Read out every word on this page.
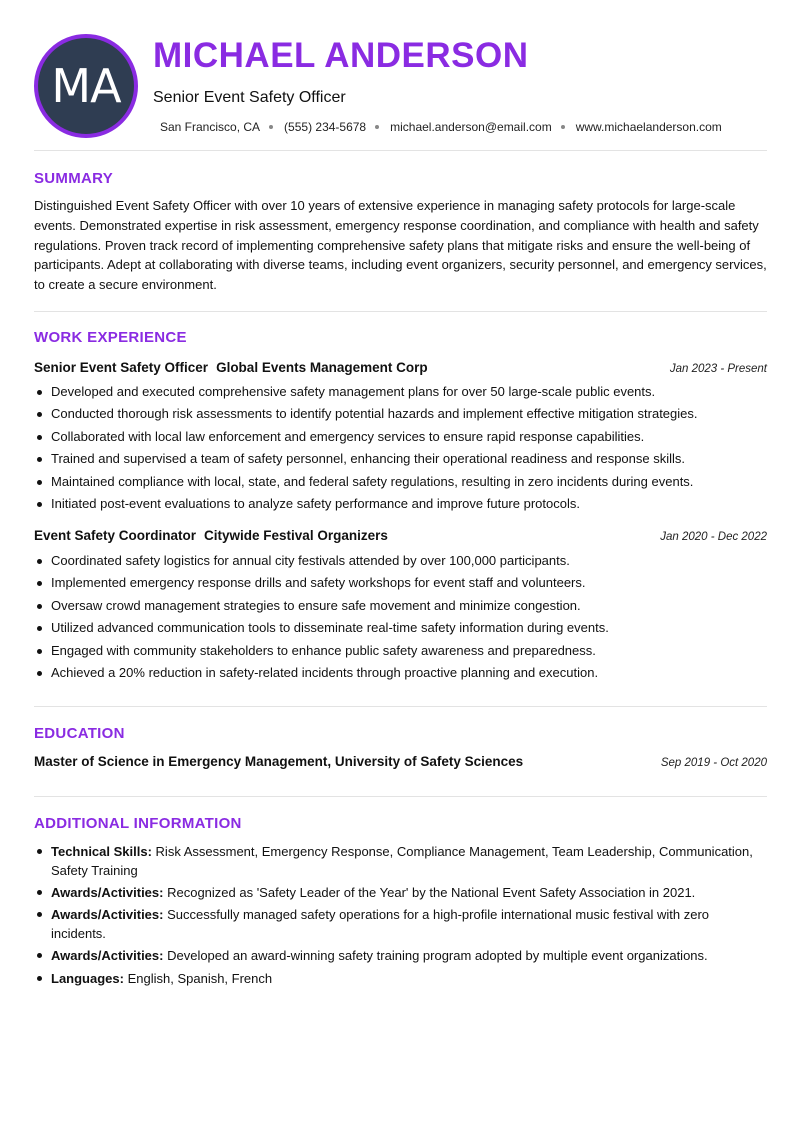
MA
MICHAEL ANDERSON
Senior Event Safety Officer
San Francisco, CA (555) 234-5678 michael.anderson@email.com www.michaelanderson.com
SUMMARY

Distinguished Event Safety Officer with over 10 years of extensive experience in managing safety protocols for large-scale events. Demonstrated expertise in risk assessment, emergency response coordination, and compliance with health and safety regulations. Proven track record of implementing comprehensive safety plans that mitigate risks and ensure the well-being of participants. Adept at collaborating with diverse teams, including event organizers, security personnel, and emergency services, to create a secure environment.

WORK EXPERIENCE
Senior Event Safety Officer Global Events Management Corp	Jan 2023 - Present
Developed and executed comprehensive safety management plans for over 50 large-scale public events.
Conducted thorough risk assessments to identify potential hazards and implement effective mitigation strategies.
Collaborated with local law enforcement and emergency services to ensure rapid response capabilities.
Trained and supervised a team of safety personnel, enhancing their operational readiness and response skills.
Maintained compliance with local, state, and federal safety regulations, resulting in zero incidents during events.
Initiated post-event evaluations to analyze safety performance and improve future protocols.
Event Safety Coordinator Citywide Festival Organizers	Jan 2020 - Dec 2022
Coordinated safety logistics for annual city festivals attended by over 100,000 participants.
Implemented emergency response drills and safety workshops for event staff and volunteers.
Oversaw crowd management strategies to ensure safe movement and minimize congestion.
Utilized advanced communication tools to disseminate real-time safety information during events.
Engaged with community stakeholders to enhance public safety awareness and preparedness.
Achieved a 20% reduction in safety-related incidents through proactive planning and execution.
EDUCATION
Master of Science in Emergency Management, University of Safety Sciences	Sep 2019 - Oct 2020
ADDITIONAL INFORMATION
Technical Skills: Risk Assessment, Emergency Response, Compliance Management, Team Leadership, Communication, Safety Training
Awards/Activities: Recognized as 'Safety Leader of the Year' by the National Event Safety Association in 2021.
Awards/Activities: Successfully managed safety operations for a high-profile international music festival with zero incidents.
Awards/Activities: Developed an award-winning safety training program adopted by multiple event organizations.
Languages: English, Spanish, French
